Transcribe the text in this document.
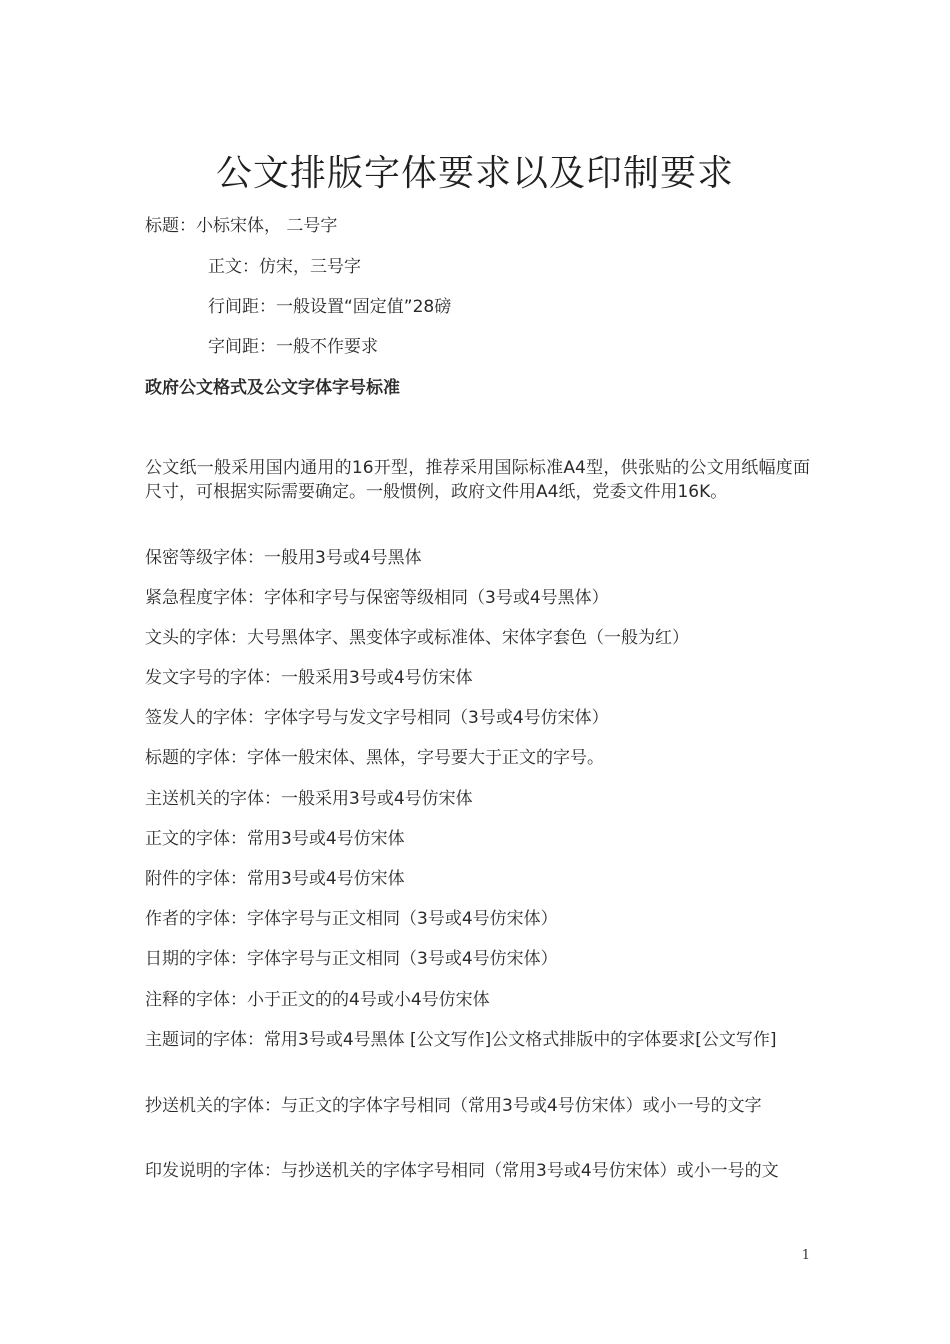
公文排版字体要求以及印制要求
标题：小标宋体， 二号字
正文：仿宋，三号字
行间距：一般设置“固定值”28磅
字间距：一般不作要求
政府公文格式及公文字体字号标准
公文纸一般采用国内通用的16开型，推荐采用国际标准A4型，供张贴的公文用纸幅度面尺寸，可根据实际需要确定。一般惯例，政府文件用A4纸，党委文件用16K。
保密等级字体：一般用3号或4号黑体
紧急程度字体：字体和字号与保密等级相同（3号或4号黑体）
文头的字体：大号黑体字、黑变体字或标准体、宋体字套色（一般为红）
发文字号的字体：一般采用3号或4号仿宋体
签发人的字体：字体字号与发文字号相同（3号或4号仿宋体）
标题的字体：字体一般宋体、黑体，字号要大于正文的字号。
主送机关的字体：一般采用3号或4号仿宋体
正文的字体：常用3号或4号仿宋体
附件的字体：常用3号或4号仿宋体
作者的字体：字体字号与正文相同（3号或4号仿宋体）
日期的字体：字体字号与正文相同（3号或4号仿宋体）
注释的字体：小于正文的的4号或小4号仿宋体
主题词的字体：常用3号或4号黑体 [公文写作]公文格式排版中的字体要求[公文写作]
抄送机关的字体：与正文的字体字号相同（常用3号或4号仿宋体）或小一号的文字
印发说明的字体：与抄送机关的字体字号相同（常用3号或4号仿宋体）或小一号的文
1
